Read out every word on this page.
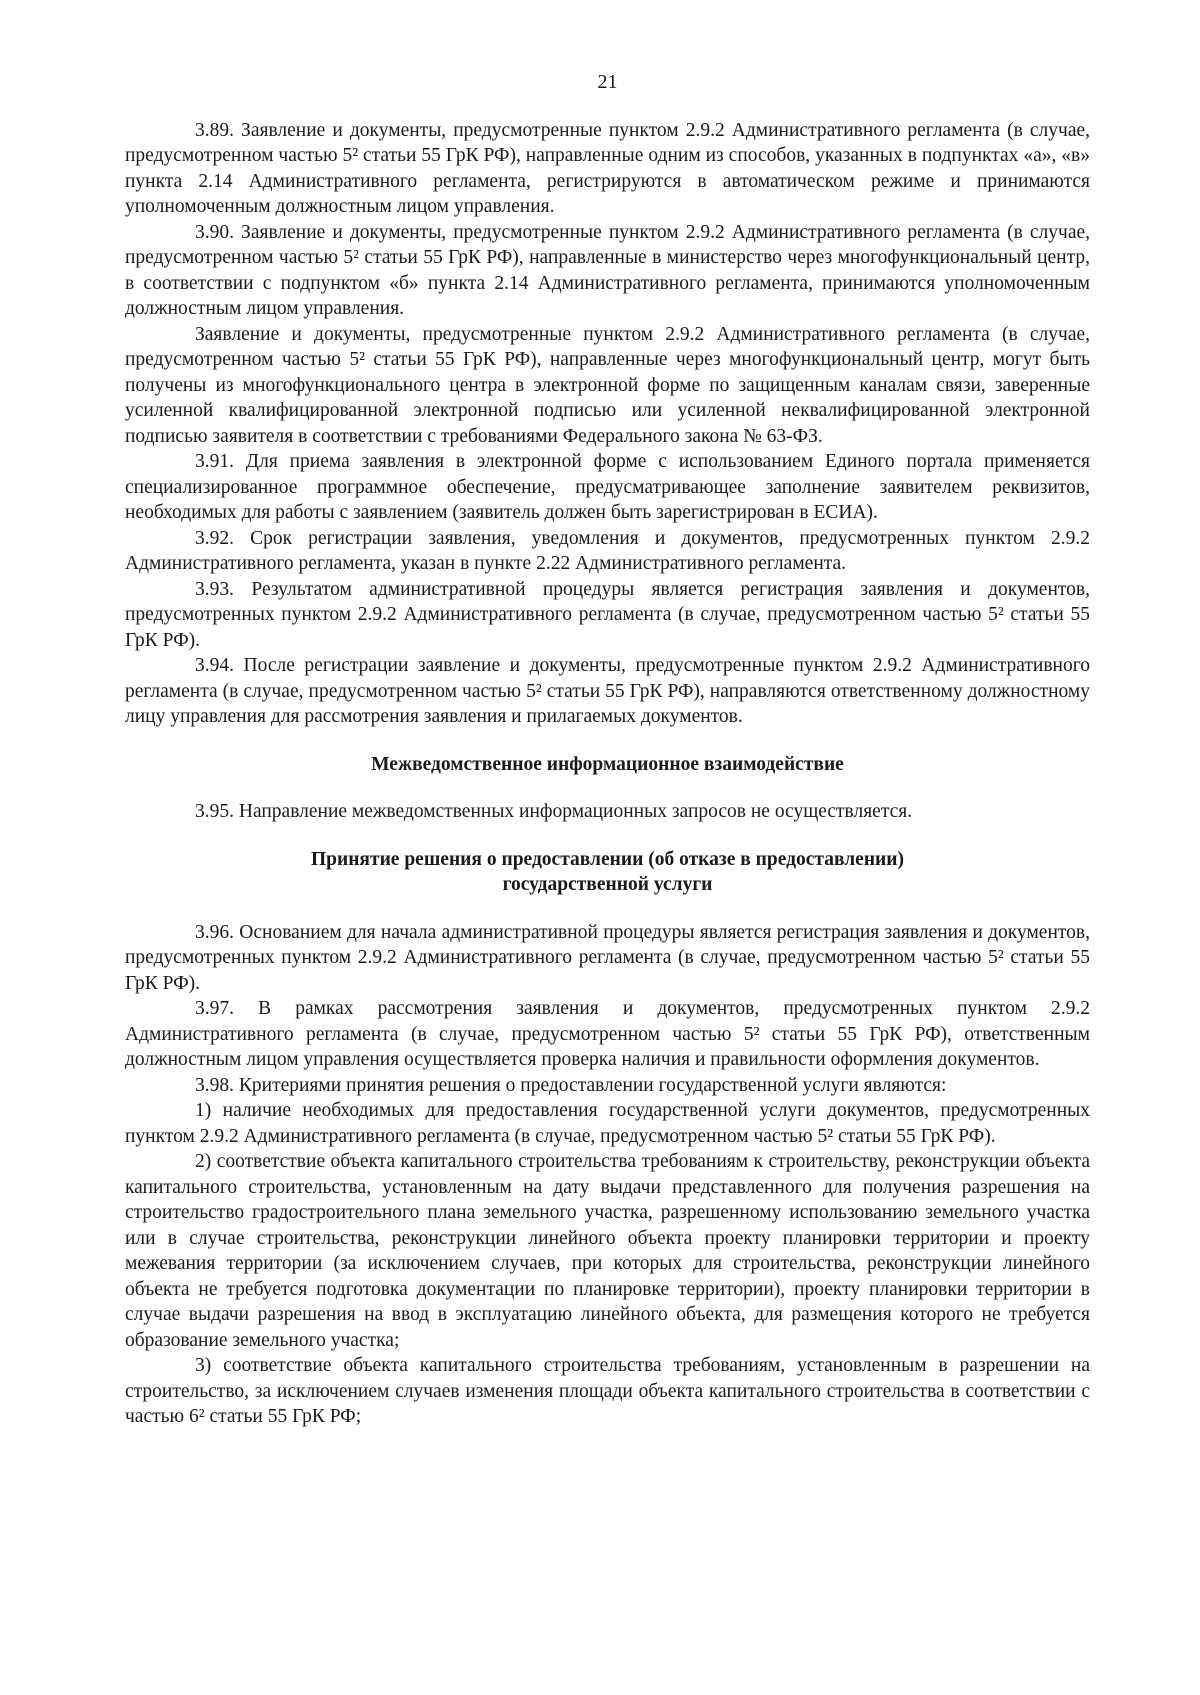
21

3.89. Заявление и документы, предусмотренные пунктом 2.9.2 Административного регламента (в случае, предусмотренном частью 5² статьи 55 ГрК РФ), направленные одним из способов, указанных в подпунктах «а», «в» пункта 2.14 Административного регламента, регистрируются в автоматическом режиме и принимаются уполномоченным должностным лицом управления.

3.90. Заявление и документы, предусмотренные пунктом 2.9.2 Административного регламента (в случае, предусмотренном частью 5² статьи 55 ГрК РФ), направленные в министерство через многофункциональный центр, в соответствии с подпунктом «б» пункта 2.14 Административного регламента, принимаются уполномоченным должностным лицом управления.

Заявление и документы, предусмотренные пунктом 2.9.2 Административного регламента (в случае, предусмотренном частью 5² статьи 55 ГрК РФ), направленные через многофункциональный центр, могут быть получены из многофункционального центра в электронной форме по защищенным каналам связи, заверенные усиленной квалифицированной электронной подписью или усиленной неквалифицированной электронной подписью заявителя в соответствии с требованиями Федерального закона № 63-ФЗ.

3.91. Для приема заявления в электронной форме с использованием Единого портала применяется специализированное программное обеспечение, предусматривающее заполнение заявителем реквизитов, необходимых для работы с заявлением (заявитель должен быть зарегистрирован в ЕСИА).

3.92. Срок регистрации заявления, уведомления и документов, предусмотренных пунктом 2.9.2 Административного регламента, указан в пункте 2.22 Административного регламента.

3.93. Результатом административной процедуры является регистрация заявления и документов, предусмотренных пунктом 2.9.2 Административного регламента (в случае, предусмотренном частью 5² статьи 55 ГрК РФ).

3.94. После регистрации заявление и документы, предусмотренные пунктом 2.9.2 Административного регламента (в случае, предусмотренном частью 5² статьи 55 ГрК РФ), направляются ответственному должностному лицу управления для рассмотрения заявления и прилагаемых документов.

Межведомственное информационное взаимодействие

3.95. Направление межведомственных информационных запросов не осуществляется.

Принятие решения о предоставлении (об отказе в предоставлении)
государственной услуги

3.96. Основанием для начала административной процедуры является регистрация заявления и документов, предусмотренных пунктом 2.9.2 Административного регламента (в случае, предусмотренном частью 5² статьи 55 ГрК РФ).

3.97. В рамках рассмотрения заявления и документов, предусмотренных пунктом 2.9.2 Административного регламента (в случае, предусмотренном частью 5² статьи 55 ГрК РФ), ответственным должностным лицом управления осуществляется проверка наличия и правильности оформления документов.

3.98. Критериями принятия решения о предоставлении государственной услуги являются:

1) наличие необходимых для предоставления государственной услуги документов, предусмотренных пунктом 2.9.2 Административного регламента (в случае, предусмотренном частью 5² статьи 55 ГрК РФ).

2) соответствие объекта капитального строительства требованиям к строительству, реконструкции объекта капитального строительства, установленным на дату выдачи представленного для получения разрешения на строительство градостроительного плана земельного участка, разрешенному использованию земельного участка или в случае строительства, реконструкции линейного объекта проекту планировки территории и проекту межевания территории (за исключением случаев, при которых для строительства, реконструкции линейного объекта не требуется подготовка документации по планировке территории), проекту планировки территории в случае выдачи разрешения на ввод в эксплуатацию линейного объекта, для размещения которого не требуется образование земельного участка;

3) соответствие объекта капитального строительства требованиям, установленным в разрешении на строительство, за исключением случаев изменения площади объекта капитального строительства в соответствии с частью 6² статьи 55 ГрК РФ;
